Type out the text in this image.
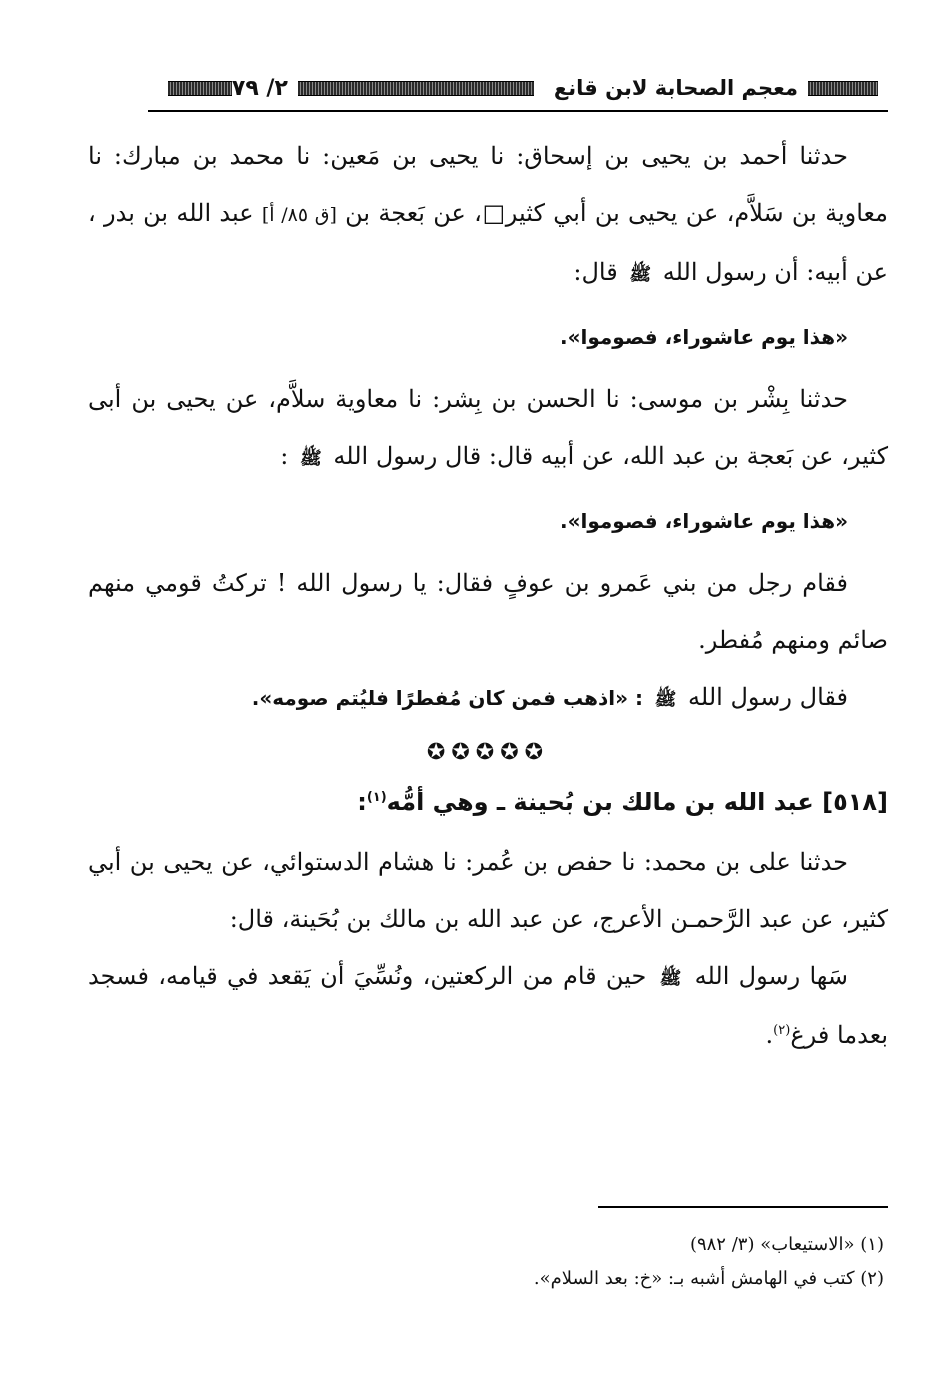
معجم الصحابة لابن قانع
٢/ ٧٩

حدثنا أحمد بن يحيى بن إسحاق: نا يحيى بن مَعين: نا محمد بن مبارك: نا معاوية بن سَلاَّم، عن يحيى بن أبي كثير□، عن بَعجة بن [ق ٨٥/ أ] عبد الله بن بدر ، عن أبيه: أن رسول الله ﷺ قال:

«هذا يوم عاشوراء، فصوموا».

حدثنا بِشْر بن موسى: نا الحسن بن بِشر: نا معاوية سلاَّم، عن يحيى بن أبى كثير، عن بَعجة بن عبد الله، عن أبيه قال: قال رسول الله ﷺ :

«هذا يوم عاشوراء، فصوموا».

فقام رجل من بني عَمرو بن عوفٍ فقال: يا رسول الله ! تركتُ قومي منهم صائم ومنهم مُفطر.

فقال رسول الله ﷺ : «اذهب فمن كان مُفطرًا فليُتم صومه».

✪✪✪✪✪

[٥١٨] عبد الله بن مالك بن بُحينة ـ وهي أمُّه$^{(١)}$:

حدثنا على بن محمد: نا حفص بن عُمر: نا هشام الدستوائي، عن يحيى بن أبي كثير، عن عبد الرَّحمـن الأعرج، عن عبد الله بن مالك بن بُحَينة، قال:

سَها رسول الله ﷺ حين قام من الركعتين، ونُسِّيَ أن يَقعد في قيامه، فسجد بعدما فرغ$^{(٢)}$.

(١) «الاستيعاب» (٣/ ٩٨٢)

(٢) كتب في الهامش أشبه بـ: «خ: بعد السلام».
